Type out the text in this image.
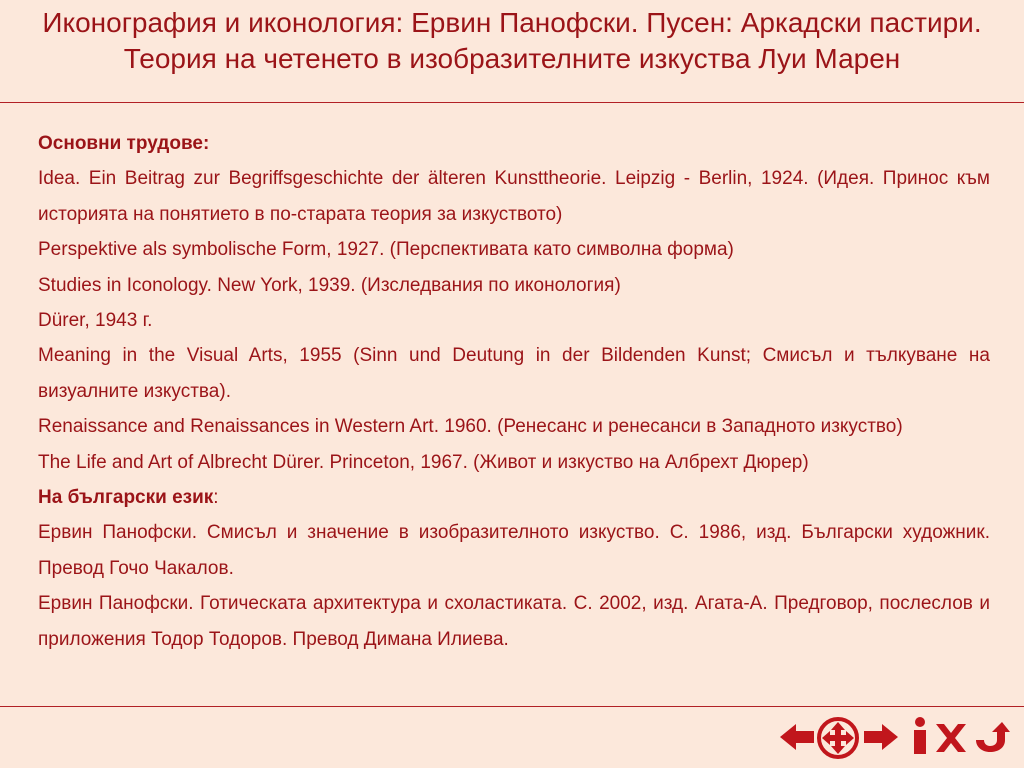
Иконография и иконология: Ервин Панофски. Пусен: Аркадски пастири.
Теория на четенето в изобразителните изкуства Луи Марен

Основни трудове:

Idea. Ein Beitrag zur Begriffsgeschichte der älteren Kunsttheorie. Leipzig - Berlin, 1924. (Идея. Принос към историята на понятието в по-старата теория за изкуството)

Perspektive als symbolische Form, 1927. (Перспективата като символна форма)

Studies in Iconology. New York, 1939. (Изследвания по иконология)

Dürer, 1943 г.

Meaning in the Visual Arts, 1955 (Sinn und Deutung in der Bildenden Kunst; Смисъл и тълкуване на визуалните изкуства).

Renaissance and Renaissances in Western Art. 1960. (Ренесанс и ренесанси в Западното изкуство)

The Life and Art of Albrecht Dürer. Princeton, 1967. (Живот и изкуство на Албрехт Дюрер)

На български език:

Ервин Панофски. Смисъл и значение в изобразителното изкуство. С. 1986, изд. Български художник. Превод Гочо Чакалов.

Ервин Панофски. Готическата архитектура и схоластиката. С. 2002, изд. Агата-А. Предговор, послеслов и приложения Тодор Тодоров. Превод Димана Илиева.
